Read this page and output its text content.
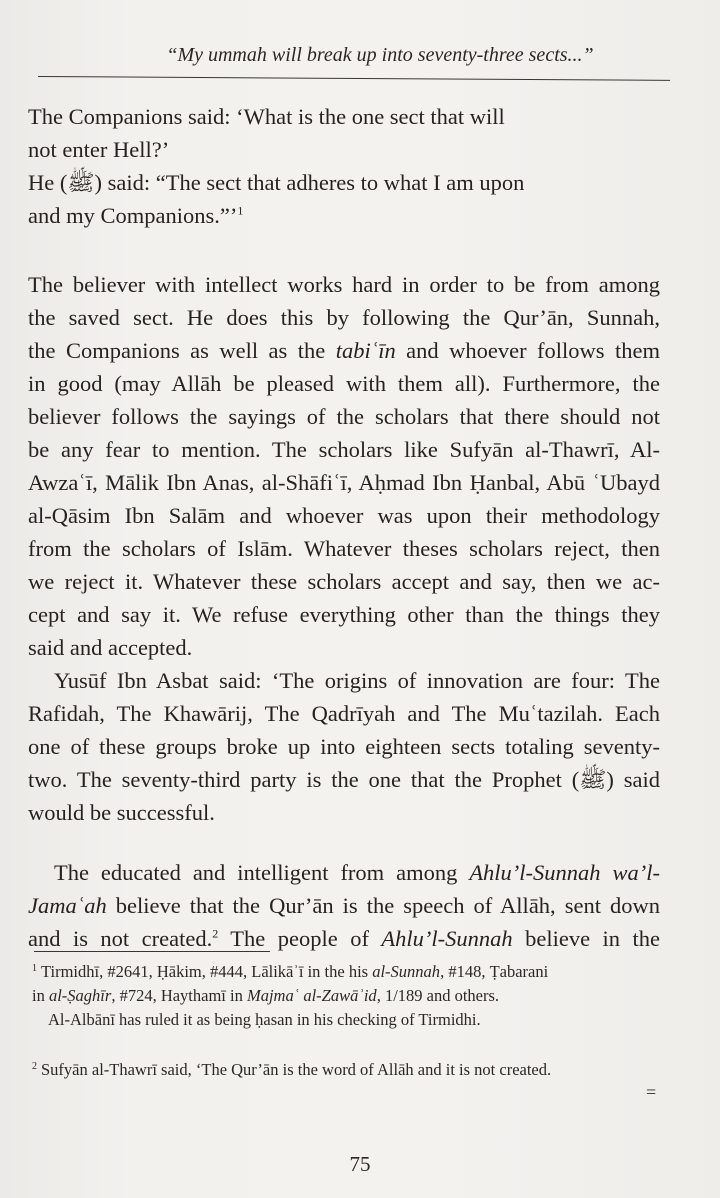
“My ummah will break up into seventy-three sects...”
The Companions said: ‘What is the one sect that will
not enter Hell?’
He (ﷺ) said: “The sect that adheres to what I am upon
and my Companions.”’$^1$
The believer with intellect works hard in order to be from among
the saved sect. He does this by following the Qur’ān, Sunnah,
the Companions as well as the tabiʿīn and whoever follows them
in good (may Allāh be pleased with them all). Furthermore, the
believer follows the sayings of the scholars that there should not
be any fear to mention. The scholars like Sufyān al-Thawrī, Al-
Awzaʿī, Mālik Ibn Anas, al-Shāfiʿī, Aḥmad Ibn Ḥanbal, Abū ʿUbayd
al-Qāsim Ibn Salām and whoever was upon their methodology
from the scholars of Islām. Whatever theses scholars reject, then
we reject it. Whatever these scholars accept and say, then we ac-
cept and say it. We refuse everything other than the things they
said and accepted.
Yusūf Ibn Asbat said: ‘The origins of innovation are four: The
Rafidah, The Khawārij, The Qadrīyah and The Muʿtazilah. Each
one of these groups broke up into eighteen sects totaling seventy-
two. The seventy-third party is the one that the Prophet (ﷺ) said
would be successful.
The educated and intelligent from among Ahlu’l-Sunnah wa’l-
Jamaʿah believe that the Qur’ān is the speech of Allāh, sent down
and is not created.$^2$ The people of Ahlu’l-Sunnah believe in the
$^1$ Tirmidhī, #2641, Ḥākim, #444, Lālikāʾī in the his al-Sunnah, #148, Ṭabarani
in al-Ṣaghīr, #724, Haythamī in Majmaʿ al-Zawāʾid, 1/189 and others.
Al-Albānī has ruled it as being ḥasan in his checking of Tirmidhi.
$^2$ Sufyān al-Thawrī said, ‘The Qur’ān is the word of Allāh and it is not created.
=
75
